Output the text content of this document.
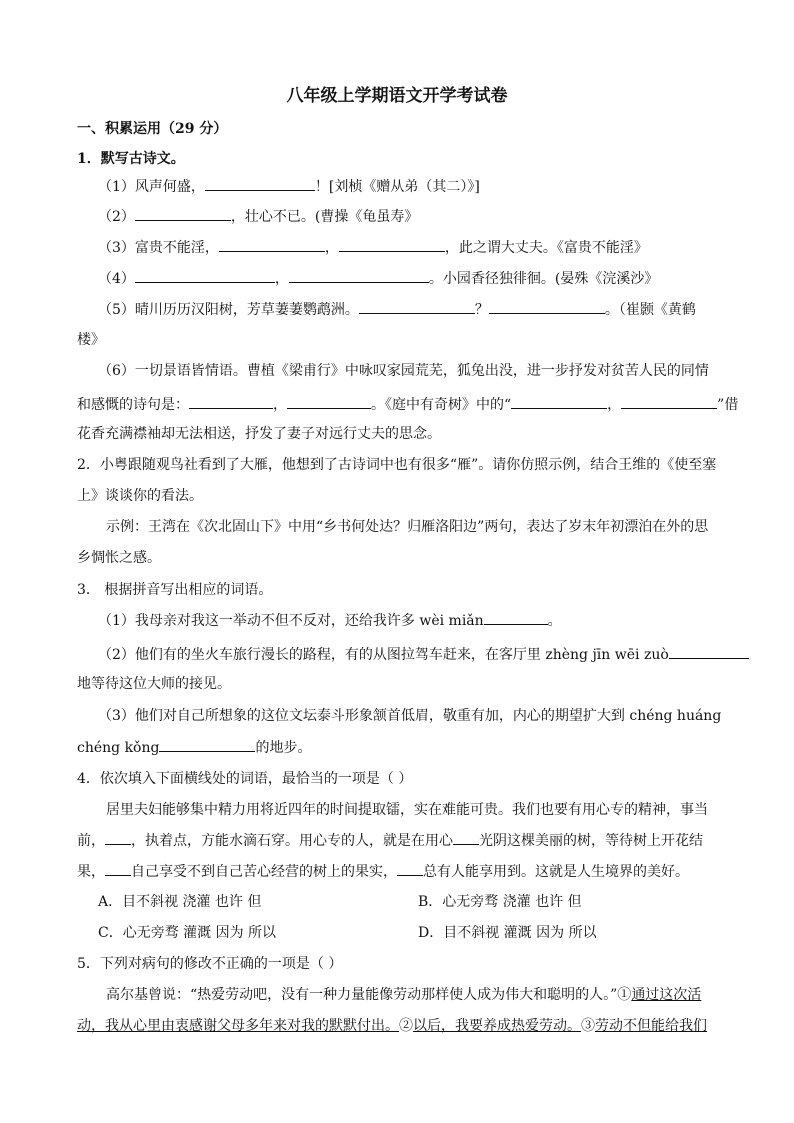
八年级上学期语文开学考试卷
一、积累运用（29 分）
1．默写古诗文。
（1）风声何盛，	！[刘桢《赠从弟（其二）》]
（2）	，壮心不已。(曹操《龟虽寿》
（3）富贵不能淫，	，	，此之谓大丈夫。《富贵不能淫》
（4）	，	。小园香径独徘徊。(晏殊《浣溪沙》
（5）晴川历历汉阳树，芳草萋萋鹦鹉洲。	？	。（崔颢《黄鹤
楼》
（6）一切景语皆情语。曹植《梁甫行》中咏叹家园荒芜，狐兔出没，进一步抒发对贫苦人民的同情
和感慨的诗句是：	，	。《庭中有奇树》中的“	，	”借
花香充满襟袖却无法相送，抒发了妻子对远行丈夫的思念。
2．小粤跟随观鸟社看到了大雁，他想到了古诗词中也有很多“雁”。请你仿照示例，结合王维的《使至塞
上》谈谈你的看法。
示例：王湾在《次北固山下》中用“乡书何处达？归雁洛阳边”两句，表达了岁末年初漂泊在外的思
乡惆怅之感。
3． 根据拼音写出相应的词语。
（1）我母亲对我这一举动不但不反对，还给我许多 wèi miǎn	。
（2）他们有的坐火车旅行漫长的路程，有的从图拉驾车赶来，在客厅里 zhèng jīn wēi zuò
地等待这位大师的接见。
（3）他们对自己所想象的这位文坛泰斗形象颔首低眉，敬重有加，内心的期望扩大到 chéng huáng
chéng kǒng	的地步。
4．依次填入下面横线处的词语，最恰当的一项是（ ）
居里夫妇能够集中精力用将近四年的时间提取镭，实在难能可贵。我们也要有用心专的精神，事当
前， ，执着点，方能水滴石穿。用心专的人，就是在用心 光阴这棵美丽的树，等待树上开花结
果， 自己享受不到自己苦心经营的树上的果实， 总有人能享用到。这就是人生境界的美好。
A．目不斜视 浇灌 也许 但	B．心无旁骛 浇灌 也许 但
C．心无旁骛 灌溉 因为 所以	D．目不斜视 灌溉 因为 所以
5．下列对病句的修改不正确的一项是（ ）
高尔基曾说：“热爱劳动吧，没有一种力量能像劳动那样使人成为伟大和聪明的人。”①通过这次活
动，我从心里由衷感谢父母多年来对我的默默付出。②以后，我要养成热爱劳动。③劳动不但能给我们
